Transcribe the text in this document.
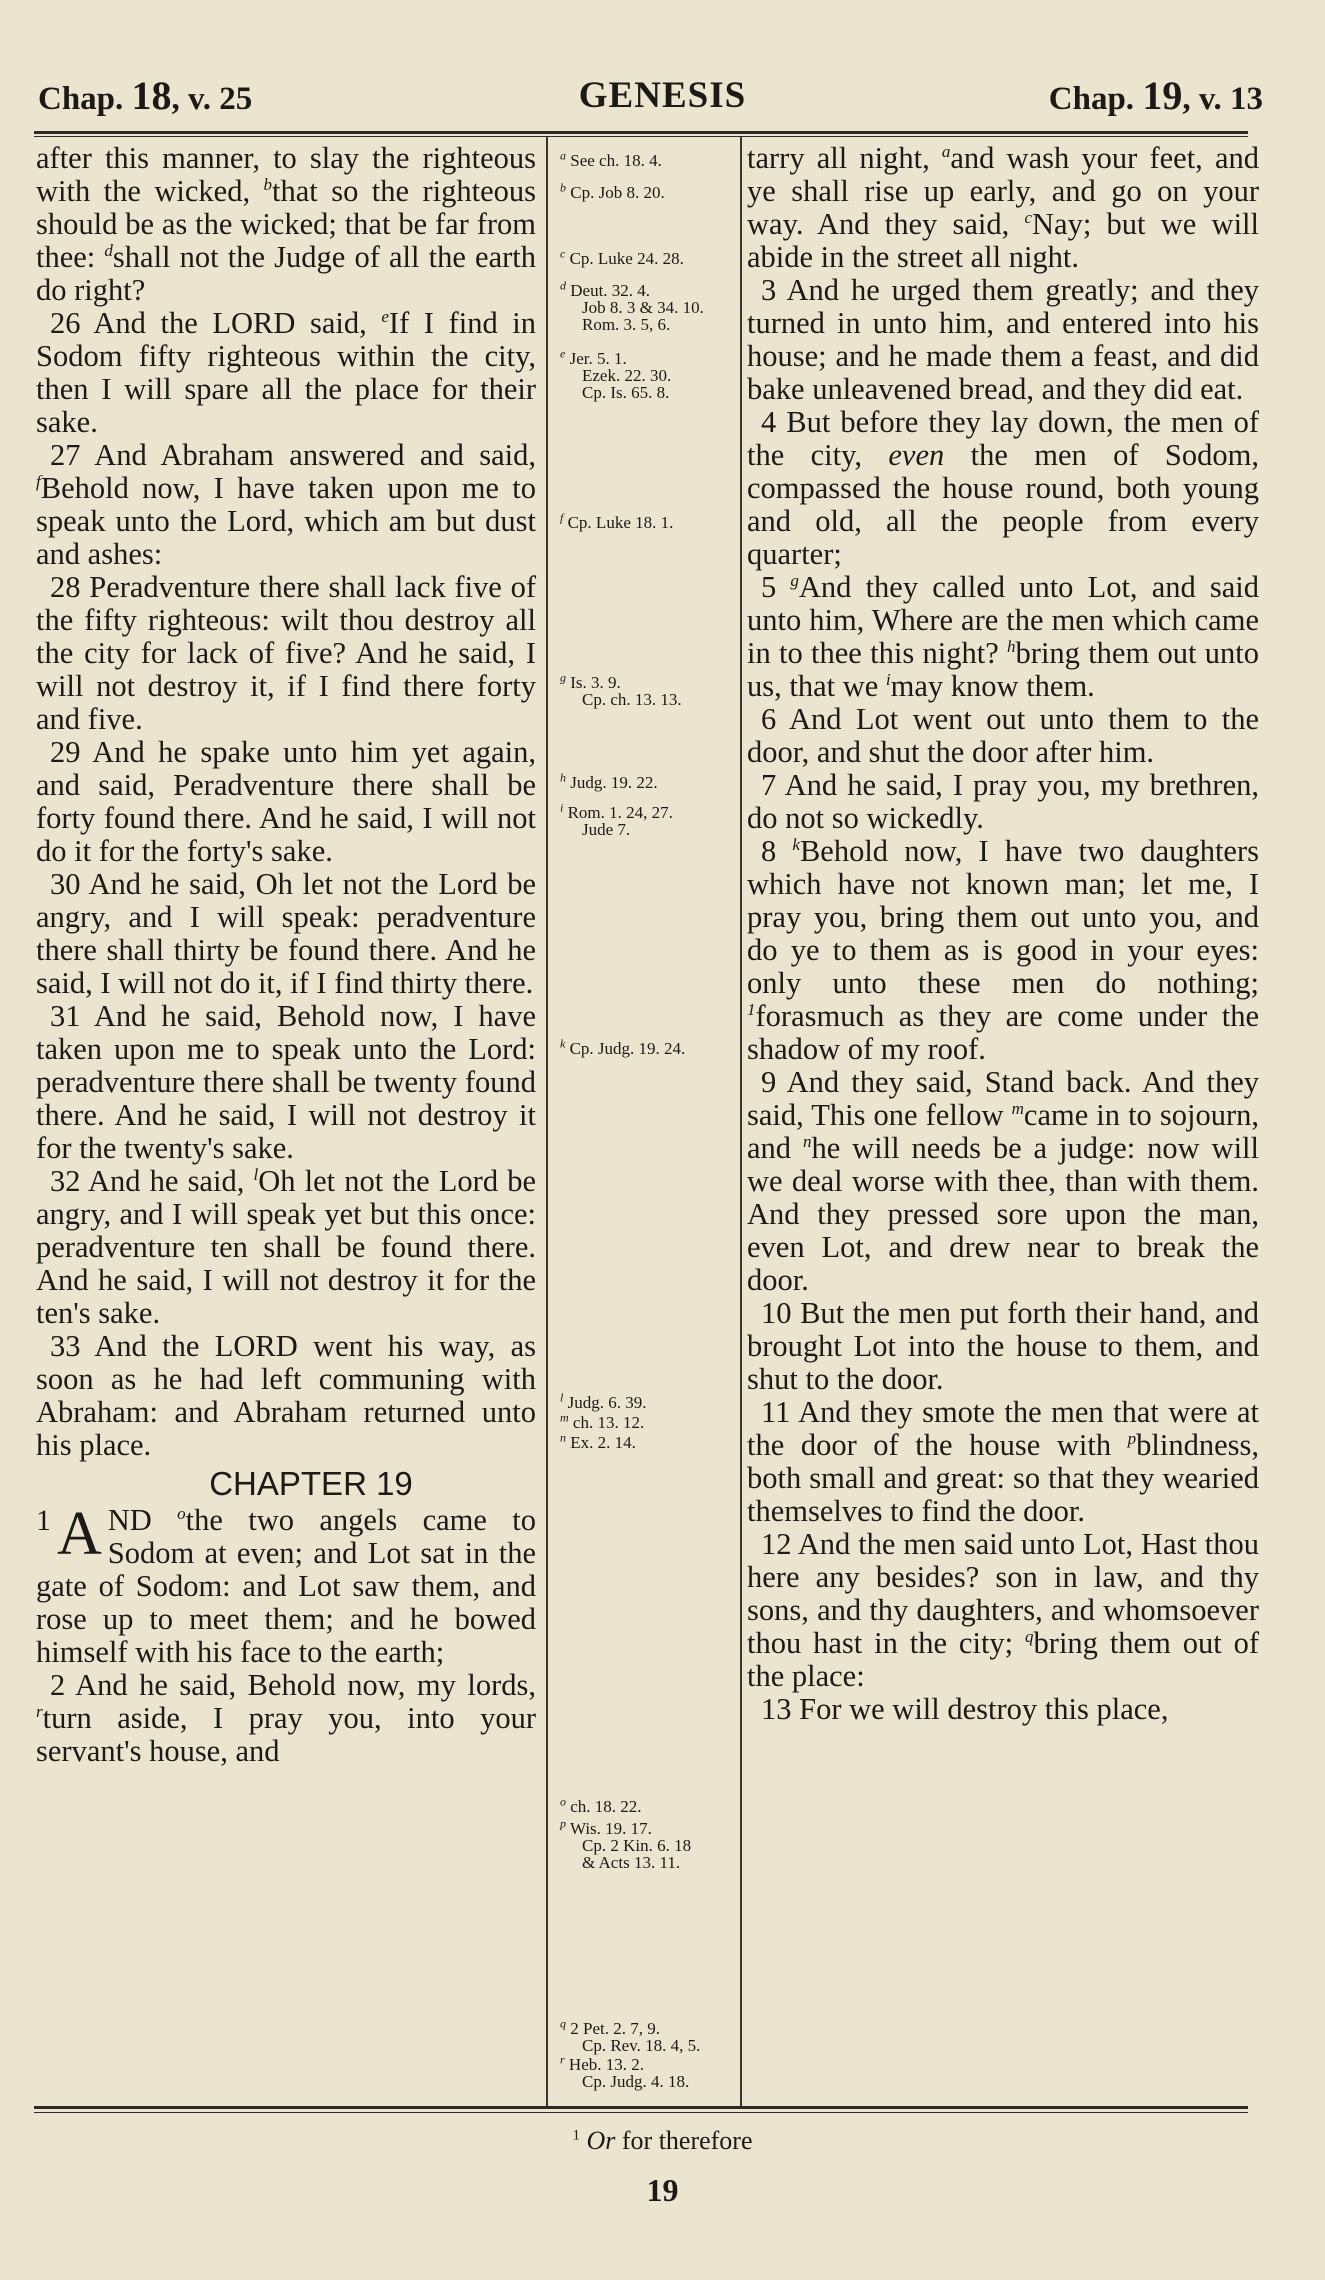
Chap. 18, v. 25	GENESIS	Chap. 19, v. 13

after this manner, to slay the righteous with the wicked, $^b$that so the righteous should be as the wicked; that be far from thee: $^d$shall not the Judge of all the earth do right?

26 And the LORD said, $^e$If I find in Sodom fifty righteous within the city, then I will spare all the place for their sake.

27 And Abraham answered and said, $^f$Behold now, I have taken upon me to speak unto the Lord, which am but dust and ashes:

28 Peradventure there shall lack five of the fifty righteous: wilt thou destroy all the city for lack of five? And he said, I will not destroy it, if I find there forty and five.

29 And he spake unto him yet again, and said, Peradventure there shall be forty found there. And he said, I will not do it for the forty's sake.

30 And he said, Oh let not the Lord be angry, and I will speak: peradventure there shall thirty be found there. And he said, I will not do it, if I find thirty there.

31 And he said, Behold now, I have taken upon me to speak unto the Lord: peradventure there shall be twenty found there. And he said, I will not destroy it for the twenty's sake.

32 And he said, $^l$Oh let not the Lord be angry, and I will speak yet but this once: peradventure ten shall be found there. And he said, I will not destroy it for the ten's sake.

33 And the LORD went his way, as soon as he had left communing with Abraham: and Abraham returned unto his place.

CHAPTER 19

1 A ND $^o$the two angels came to Sodom at even; and Lot sat in the gate of Sodom: and Lot saw them, and rose up to meet them; and he bowed himself with his face to the earth;

2 And he said, Behold now, my lords, $^r$turn aside, I pray you, into your servant's house, and

$^a$ See ch. 18. 4.
$^b$ Cp. Job 8. 20.
$^c$ Cp. Luke 24. 28.
$^d$ Deut. 32. 4.
Job 8. 3 & 34. 10.
Rom. 3. 5, 6.
$^e$ Jer. 5. 1.
Ezek. 22. 30.
Cp. Is. 65. 8.
$^f$ Cp. Luke 18. 1.
$^g$ Is. 3. 9.
Cp. ch. 13. 13.
$^h$ Judg. 19. 22.
$^i$ Rom. 1. 24, 27.
Jude 7.
$^k$ Cp. Judg. 19. 24.
$^l$ Judg. 6. 39.
$^m$ ch. 13. 12.
$^n$ Ex. 2. 14.
$^o$ ch. 18. 22.
$^p$ Wis. 19. 17.
Cp. 2 Kin. 6. 18
& Acts 13. 11.
$^q$ 2 Pet. 2. 7, 9.
Cp. Rev. 18. 4, 5.
$^r$ Heb. 13. 2.
Cp. Judg. 4. 18.

tarry all night, $^a$and wash your feet, and ye shall rise up early, and go on your way. And they said, $^c$Nay; but we will abide in the street all night.

3 And he urged them greatly; and they turned in unto him, and entered into his house; and he made them a feast, and did bake unleavened bread, and they did eat.

4 But before they lay down, the men of the city, even the men of Sodom, compassed the house round, both young and old, all the people from every quarter;

5 $^g$And they called unto Lot, and said unto him, Where are the men which came in to thee this night? $^h$bring them out unto us, that we $^i$may know them.

6 And Lot went out unto them to the door, and shut the door after him.

7 And he said, I pray you, my brethren, do not so wickedly.

8 $^k$Behold now, I have two daughters which have not known man; let me, I pray you, bring them out unto you, and do ye to them as is good in your eyes: only unto these men do nothing; $^1$forasmuch as they are come under the shadow of my roof.

9 And they said, Stand back. And they said, This one fellow $^m$came in to sojourn, and $^n$he will needs be a judge: now will we deal worse with thee, than with them. And they pressed sore upon the man, even Lot, and drew near to break the door.

10 But the men put forth their hand, and brought Lot into the house to them, and shut to the door.

11 And they smote the men that were at the door of the house with $^p$blindness, both small and great: so that they wearied themselves to find the door.

12 And the men said unto Lot, Hast thou here any besides? son in law, and thy sons, and thy daughters, and whomsoever thou hast in the city; $^q$bring them out of the place:

13 For we will destroy this place,

$^1$ Or for therefore
19
